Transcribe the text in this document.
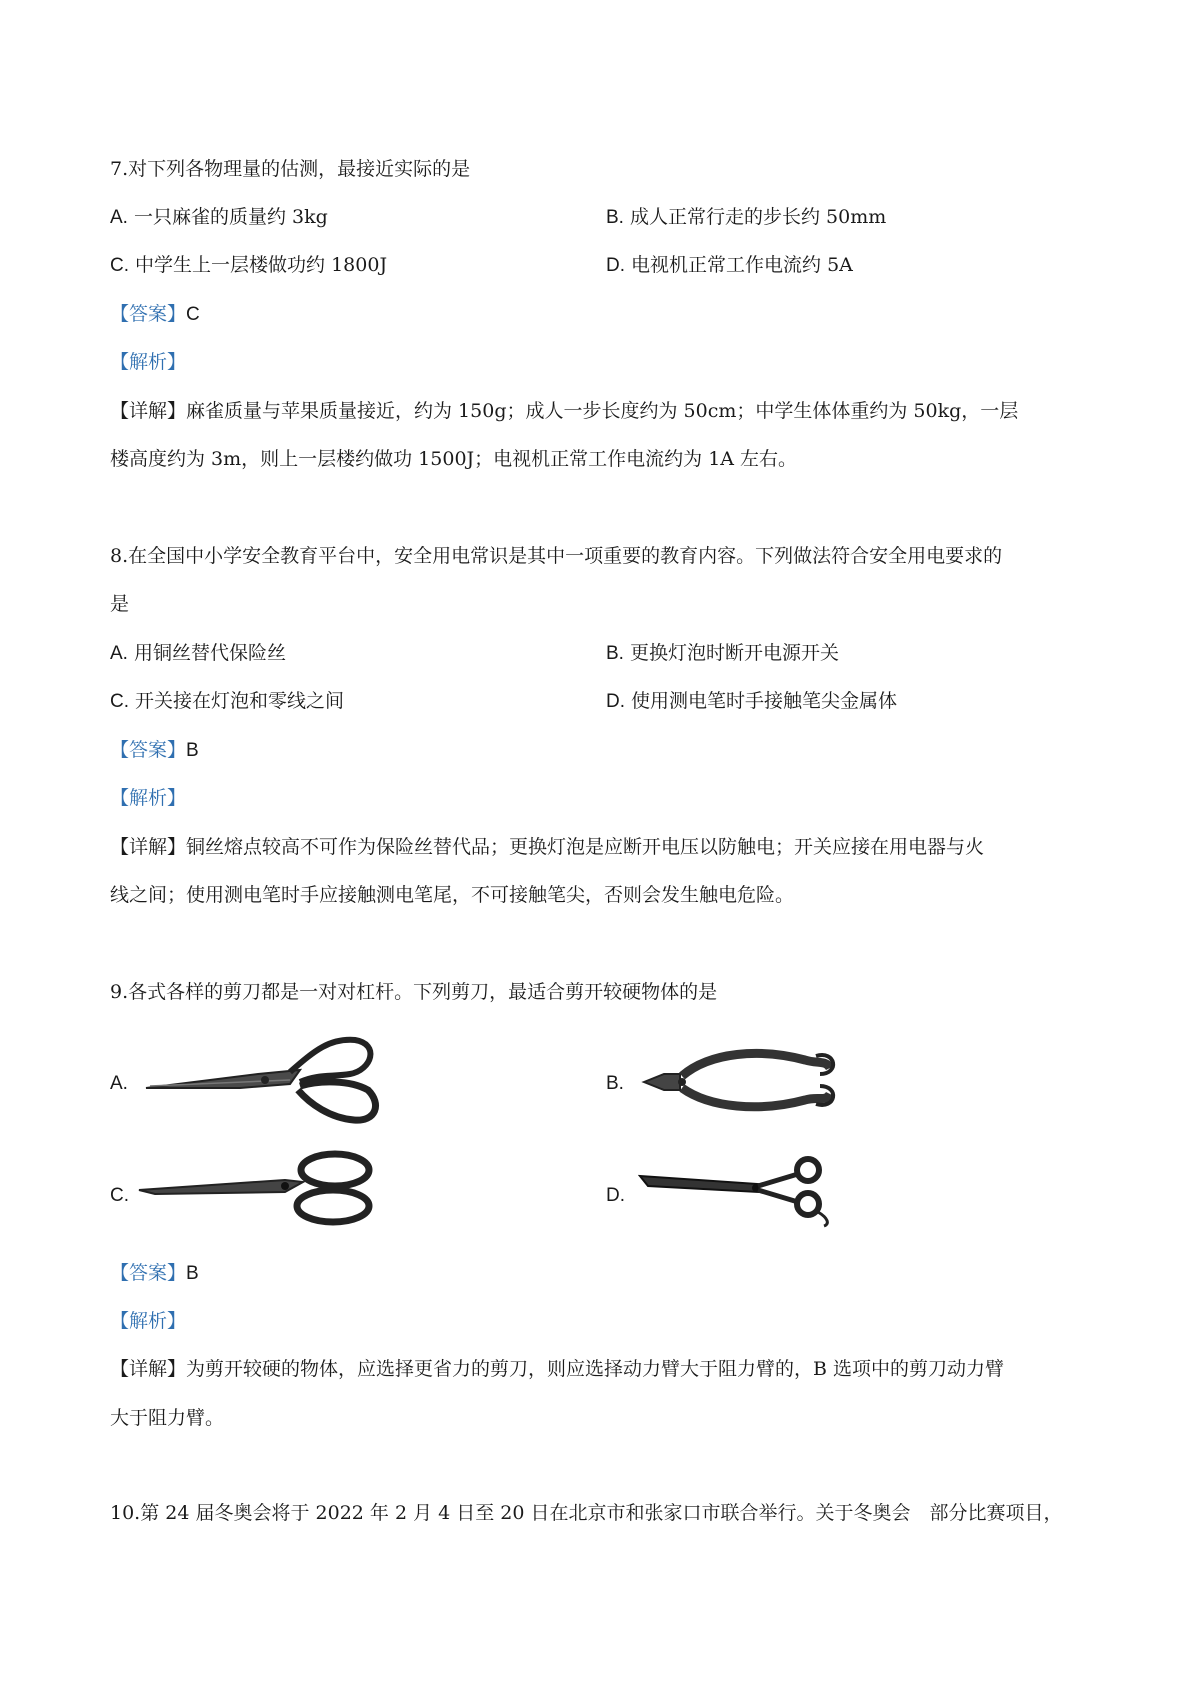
7.对下列各物理量的估测，最接近实际的是
A. 一只麻雀的质量约 3kg	B. 成人正常行走的步长约 50mm
C. 中学生上一层楼做功约 1800J	D. 电视机正常工作电流约 5A
【答案】C
【解析】
【详解】麻雀质量与苹果质量接近，约为 150g；成人一步长度约为 50cm；中学生体体重约为 50kg，一层
楼高度约为 3m，则上一层楼约做功 1500J；电视机正常工作电流约为 1A 左右。
8.在全国中小学安全教育平台中，安全用电常识是其中一项重要的教育内容。下列做法符合安全用电要求的
是
A. 用铜丝替代保险丝	B. 更换灯泡时断开电源开关
C. 开关接在灯泡和零线之间	D. 使用测电笔时手接触笔尖金属体
【答案】B
【解析】
【详解】铜丝熔点较高不可作为保险丝替代品；更换灯泡是应断开电压以防触电；开关应接在用电器与火
线之间；使用测电笔时手应接触测电笔尾，不可接触笔尖，否则会发生触电危险。
9.各式各样的剪刀都是一对对杠杆。下列剪刀，最适合剪开较硬物体的是
A.	B.
C.	D.
【答案】B
【解析】
【详解】为剪开较硬的物体，应选择更省力的剪刀，则应选择动力臂大于阻力臂的，B 选项中的剪刀动力臂
大于阻力臂。
10.第 24 届冬奥会将于 2022 年 2 月 4 日至 20 日在北京市和张家口市联合举行。关于冬奥会　部分比赛项目，
